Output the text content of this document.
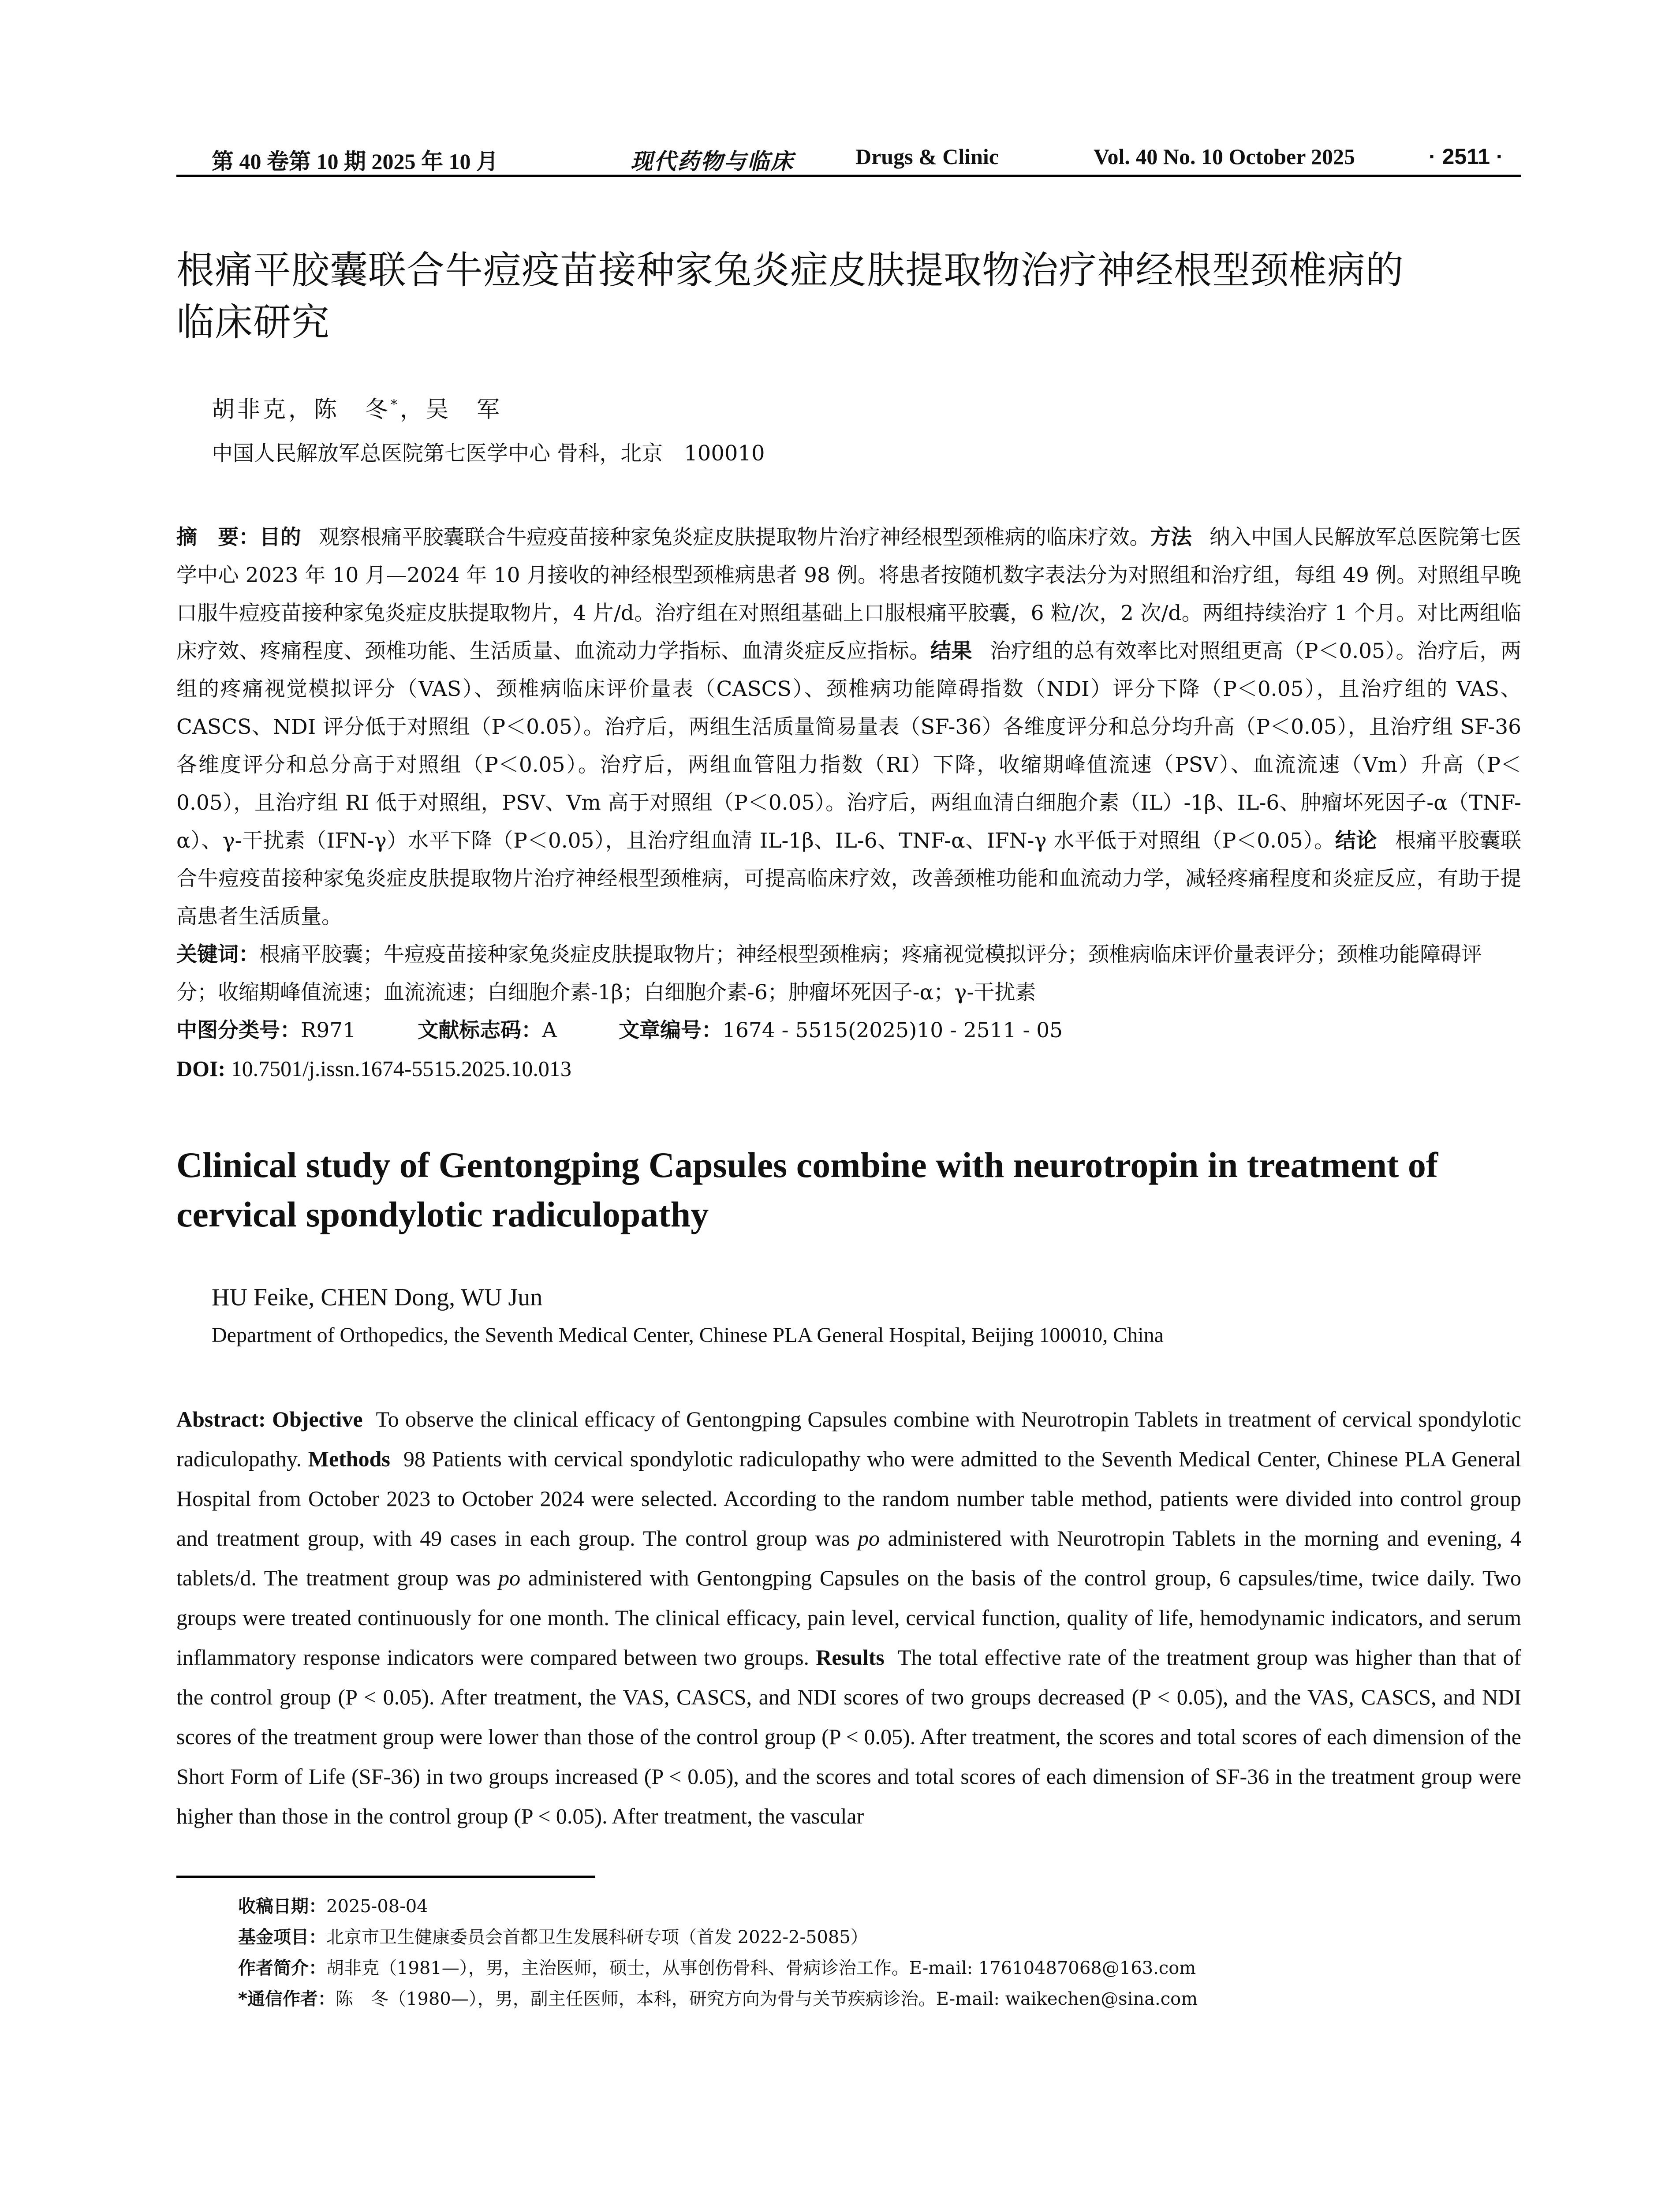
第 40 卷第 10 期 2025 年 10 月	现代药物与临床	Drugs & Clinic	Vol. 40 No. 10 October 2025	· 2511 ·
根痛平胶囊联合牛痘疫苗接种家兔炎症皮肤提取物治疗神经根型颈椎病的
临床研究
胡非克，陈　冬*，吴　军
中国人民解放军总医院第七医学中心 骨科，北京　100010
摘　要：目的 观察根痛平胶囊联合牛痘疫苗接种家兔炎症皮肤提取物片治疗神经根型颈椎病的临床疗效。方法 纳入中国人民解放军总医院第七医学中心 2023 年 10 月—2024 年 10 月接收的神经根型颈椎病患者 98 例。将患者按随机数字表法分为对照组和治疗组，每组 49 例。对照组早晚口服牛痘疫苗接种家兔炎症皮肤提取物片，4 片/d。治疗组在对照组基础上口服根痛平胶囊，6 粒/次，2 次/d。两组持续治疗 1 个月。对比两组临床疗效、疼痛程度、颈椎功能、生活质量、血流动力学指标、血清炎症反应指标。结果 治疗组的总有效率比对照组更高（P＜0.05）。治疗后，两组的疼痛视觉模拟评分（VAS）、颈椎病临床评价量表（CASCS）、颈椎病功能障碍指数（NDI）评分下降（P＜0.05），且治疗组的 VAS、CASCS、NDI 评分低于对照组（P＜0.05）。治疗后，两组生活质量简易量表（SF-36）各维度评分和总分均升高（P＜0.05），且治疗组 SF-36 各维度评分和总分高于对照组（P＜0.05）。治疗后，两组血管阻力指数（RI）下降，收缩期峰值流速（PSV）、血流流速（Vm）升高（P＜0.05），且治疗组 RI 低于对照组，PSV、Vm 高于对照组（P＜0.05）。治疗后，两组血清白细胞介素（IL）-1β、IL-6、肿瘤坏死因子-α（TNF-α）、γ-干扰素（IFN-γ）水平下降（P＜0.05），且治疗组血清 IL-1β、IL-6、TNF-α、IFN-γ 水平低于对照组（P＜0.05）。结论 根痛平胶囊联合牛痘疫苗接种家兔炎症皮肤提取物片治疗神经根型颈椎病，可提高临床疗效，改善颈椎功能和血流动力学，减轻疼痛程度和炎症反应，有助于提高患者生活质量。
关键词：根痛平胶囊；牛痘疫苗接种家兔炎症皮肤提取物片；神经根型颈椎病；疼痛视觉模拟评分；颈椎病临床评价量表评分；颈椎功能障碍评分；收缩期峰值流速；血流流速；白细胞介素-1β；白细胞介素-6；肿瘤坏死因子-α；γ-干扰素
中图分类号：R971	文献标志码：A	文章编号：1674 - 5515(2025)10 - 2511 - 05
DOI: 10.7501/j.issn.1674-5515.2025.10.013
Clinical study of Gentongping Capsules combine with neurotropin in treatment of cervical spondylotic radiculopathy
HU Feike, CHEN Dong, WU Jun
Department of Orthopedics, the Seventh Medical Center, Chinese PLA General Hospital, Beijing 100010, China
Abstract: Objective To observe the clinical efficacy of Gentongping Capsules combine with Neurotropin Tablets in treatment of cervical spondylotic radiculopathy. Methods 98 Patients with cervical spondylotic radiculopathy who were admitted to the Seventh Medical Center, Chinese PLA General Hospital from October 2023 to October 2024 were selected. According to the random number table method, patients were divided into control group and treatment group, with 49 cases in each group. The control group was po administered with Neurotropin Tablets in the morning and evening, 4 tablets/d. The treatment group was po administered with Gentongping Capsules on the basis of the control group, 6 capsules/time, twice daily. Two groups were treated continuously for one month. The clinical efficacy, pain level, cervical function, quality of life, hemodynamic indicators, and serum inflammatory response indicators were compared between two groups. Results The total effective rate of the treatment group was higher than that of the control group (P < 0.05). After treatment, the VAS, CASCS, and NDI scores of two groups decreased (P < 0.05), and the VAS, CASCS, and NDI scores of the treatment group were lower than those of the control group (P < 0.05). After treatment, the scores and total scores of each dimension of the Short Form of Life (SF-36) in two groups increased (P < 0.05), and the scores and total scores of each dimension of SF-36 in the treatment group were higher than those in the control group (P < 0.05). After treatment, the vascular
收稿日期：2025-08-04
基金项目：北京市卫生健康委员会首都卫生发展科研专项（首发 2022-2-5085）
作者简介：胡非克（1981—），男，主治医师，硕士，从事创伤骨科、骨病诊治工作。E-mail: 17610487068@163.com
*通信作者：陈　冬（1980—），男，副主任医师，本科，研究方向为骨与关节疾病诊治。E-mail: waikechen@sina.com
